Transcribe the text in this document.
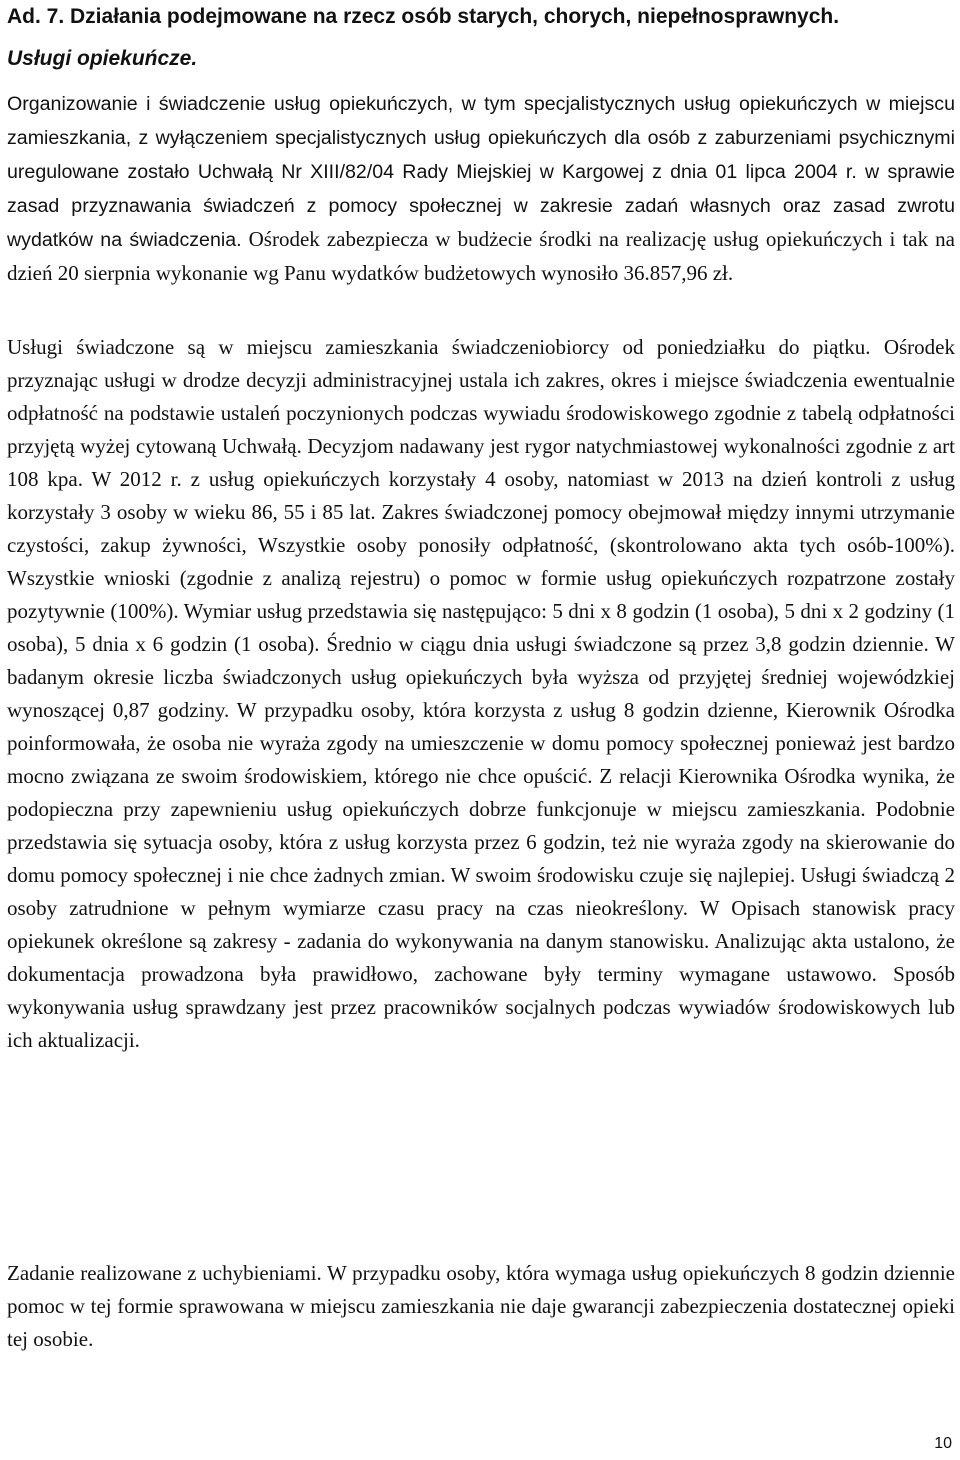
Ad. 7. Działania podejmowane na rzecz osób starych, chorych, niepełnosprawnych.
Usługi opiekuńcze.

Organizowanie i świadczenie usług opiekuńczych, w tym specjalistycznych usług opiekuńczych w miejscu zamieszkania, z wyłączeniem specjalistycznych usług opiekuńczych dla osób z zaburzeniami psychicznymi uregulowane zostało Uchwałą Nr XIII/82/04 Rady Miejskiej w Kargowej z dnia 01 lipca 2004 r. w sprawie zasad przyznawania świadczeń z pomocy społecznej w zakresie zadań własnych oraz zasad zwrotu wydatków na świadczenia. Ośrodek zabezpiecza w budżecie środki na realizację usług opiekuńczych i tak na dzień 20 sierpnia wykonanie wg Panu wydatków budżetowych wynosiło 36.857,96 zł.

Usługi świadczone są w miejscu zamieszkania świadczeniobiorcy od poniedziałku do piątku. Ośrodek przyznając usługi w drodze decyzji administracyjnej ustala ich zakres, okres i miejsce świadczenia ewentualnie odpłatność na podstawie ustaleń poczynionych podczas wywiadu środowiskowego zgodnie z tabelą odpłatności przyjętą wyżej cytowaną Uchwałą. Decyzjom nadawany jest rygor natychmiastowej wykonalności zgodnie z art 108 kpa. W 2012 r. z usług opiekuńczych korzystały 4 osoby, natomiast w 2013 na dzień kontroli z usług korzystały 3 osoby w wieku 86, 55 i 85 lat. Zakres świadczonej pomocy obejmował między innymi utrzymanie czystości, zakup żywności, Wszystkie osoby ponosiły odpłatność, (skontrolowano akta tych osób-100%). Wszystkie wnioski (zgodnie z analizą rejestru) o pomoc w formie usług opiekuńczych rozpatrzone zostały pozytywnie (100%). Wymiar usług przedstawia się następująco: 5 dni x 8 godzin (1 osoba), 5 dni x 2 godziny (1 osoba), 5 dnia x 6 godzin (1 osoba). Średnio w ciągu dnia usługi świadczone są przez 3,8 godzin dziennie. W badanym okresie liczba świadczonych usług opiekuńczych była wyższa od przyjętej średniej wojewódzkiej wynoszącej 0,87 godziny. W przypadku osoby, która korzysta z usług 8 godzin dzienne, Kierownik Ośrodka poinformowała, że osoba nie wyraża zgody na umieszczenie w domu pomocy społecznej ponieważ jest bardzo mocno związana ze swoim środowiskiem, którego nie chce opuścić. Z relacji Kierownika Ośrodka wynika, że podopieczna przy zapewnieniu usług opiekuńczych dobrze funkcjonuje w miejscu zamieszkania. Podobnie przedstawia się sytuacja osoby, która z usług korzysta przez 6 godzin, też nie wyraża zgody na skierowanie do domu pomocy społecznej i nie chce żadnych zmian. W swoim środowisku czuje się najlepiej. Usługi świadczą 2 osoby zatrudnione w pełnym wymiarze czasu pracy na czas nieokreślony. W Opisach stanowisk pracy opiekunek określone są zakresy - zadania do wykonywania na danym stanowisku. Analizując akta ustalono, że dokumentacja prowadzona była prawidłowo, zachowane były terminy wymagane ustawowo. Sposób wykonywania usług sprawdzany jest przez pracowników socjalnych podczas wywiadów środowiskowych lub ich aktualizacji.

Zadanie realizowane z uchybieniami. W przypadku osoby, która wymaga usług opiekuńczych 8 godzin dziennie pomoc w tej formie sprawowana w miejscu zamieszkania nie daje gwarancji zabezpieczenia dostatecznej opieki tej osobie.

10
